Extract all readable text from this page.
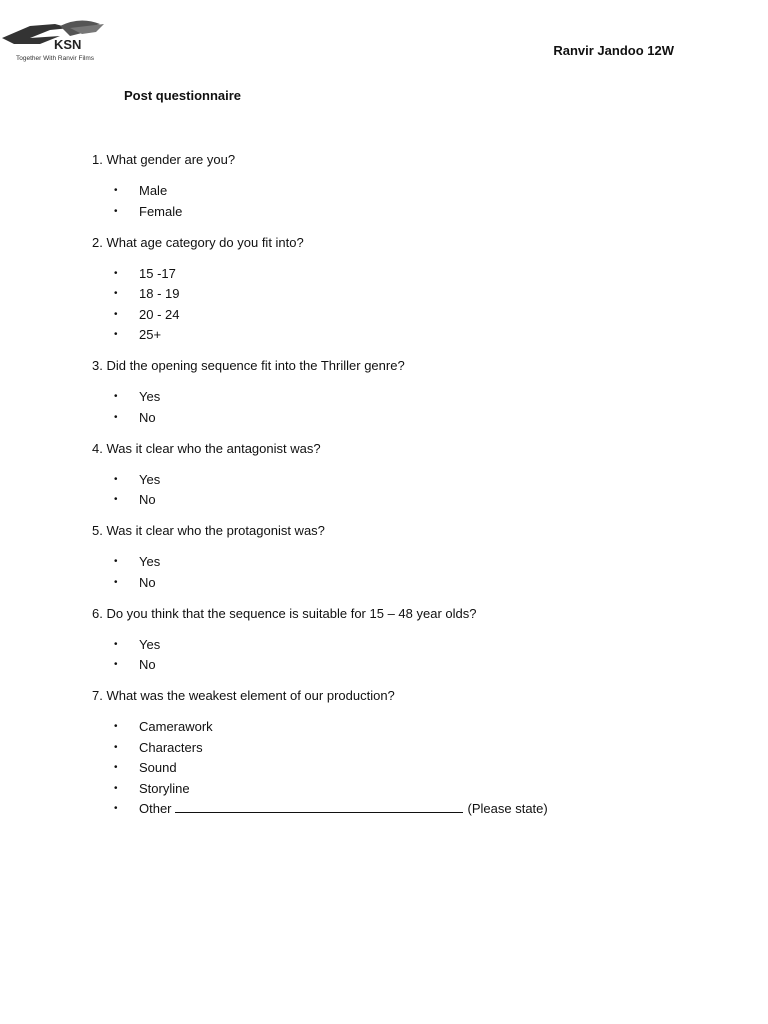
KSN
Together With Ranvir Films
Ranvir Jandoo 12W
Post questionnaire

1. What gender are you?

• Male
• Female

2. What age category do you fit into?

• 15 -17
• 18 - 19
• 20 - 24
• 25+

3. Did the opening sequence fit into the Thriller genre?

• Yes
• No

4. Was it clear who the antagonist was?

• Yes
• No

5. Was it clear who the protagonist was?

• Yes
• No

6. Do you think that the sequence is suitable for 15 – 48 year olds?

• Yes
• No

7. What was the weakest element of our production?

• Camerawork
• Characters
• Sound
• Storyline
• Other	(Please state)
